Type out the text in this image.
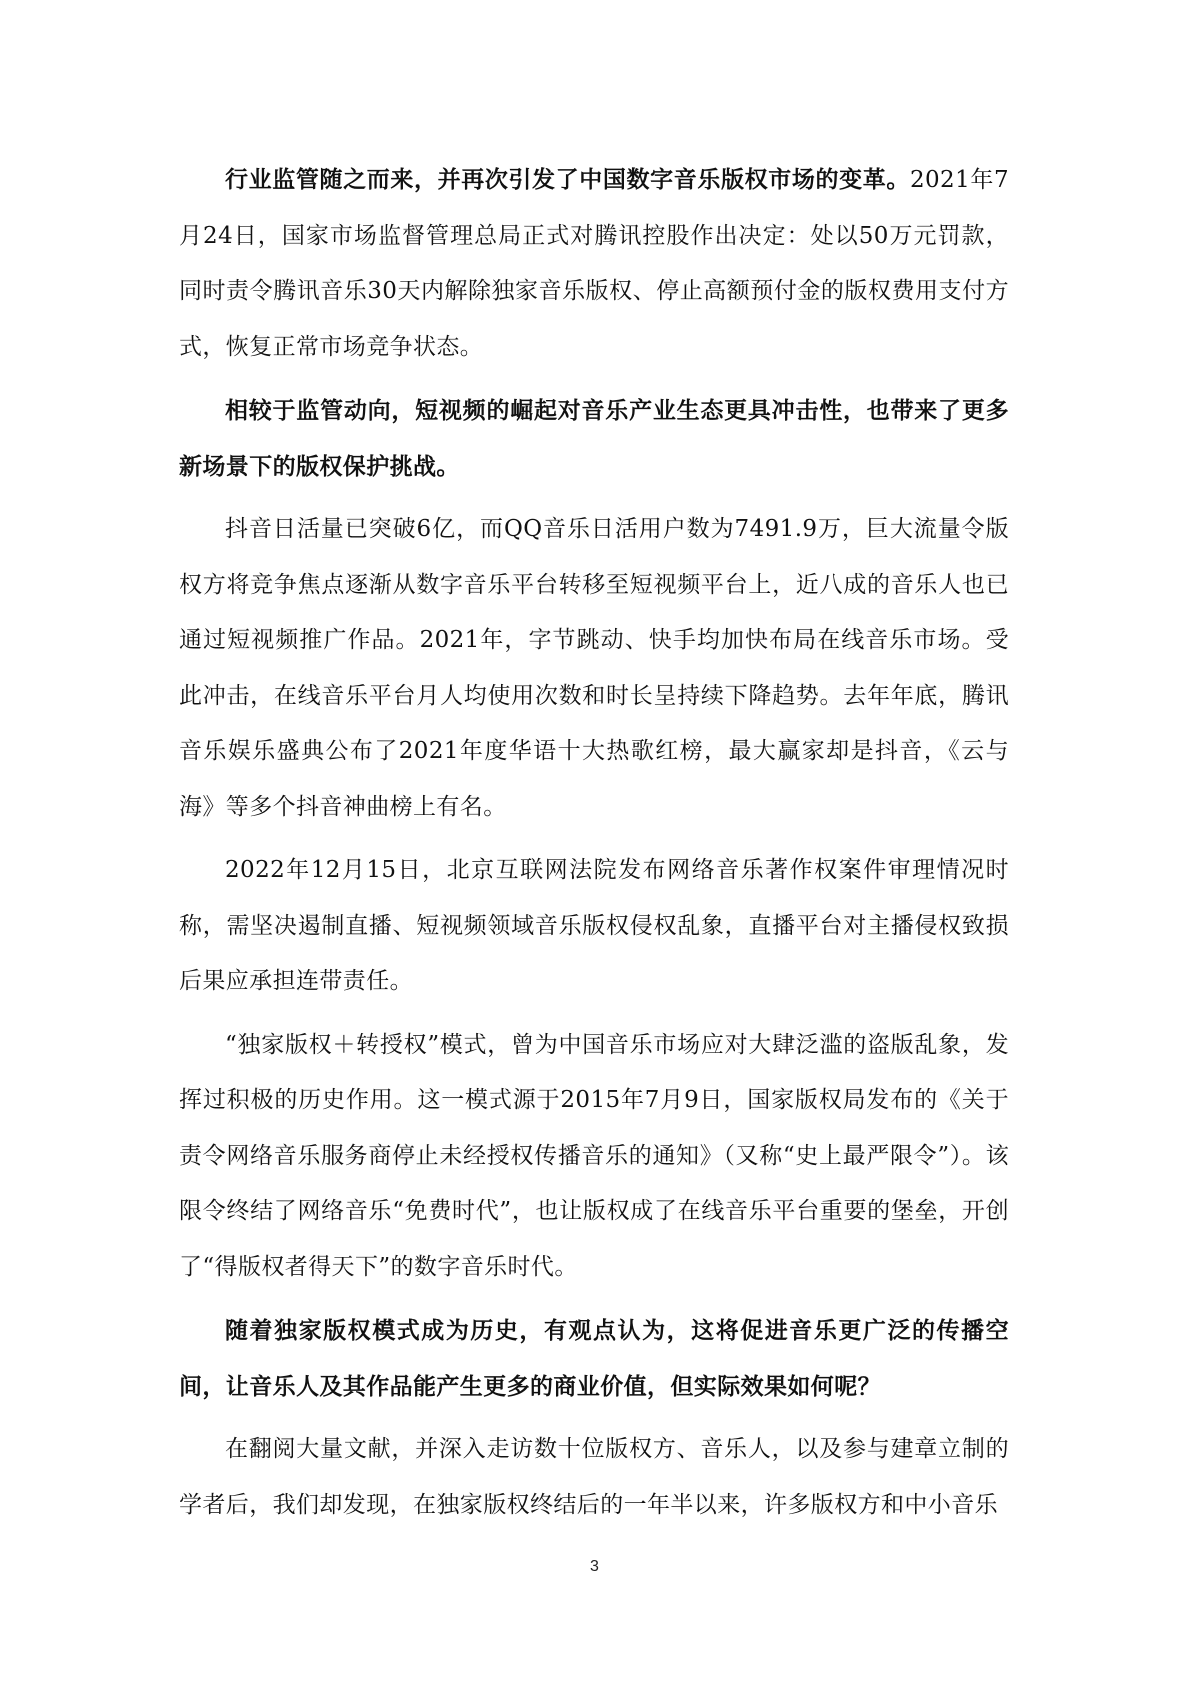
行业监管随之而来，并再次引发了中国数字音乐版权市场的变革。2021年7月24日，国家市场监督管理总局正式对腾讯控股作出决定：处以50万元罚款，同时责令腾讯音乐30天内解除独家音乐版权、停止高额预付金的版权费用支付方式，恢复正常市场竞争状态。

相较于监管动向，短视频的崛起对音乐产业生态更具冲击性，也带来了更多新场景下的版权保护挑战。

抖音日活量已突破6亿，而QQ音乐日活用户数为7491.9万，巨大流量令版权方将竞争焦点逐渐从数字音乐平台转移至短视频平台上，近八成的音乐人也已通过短视频推广作品。2021年，字节跳动、快手均加快布局在线音乐市场。受此冲击，在线音乐平台月人均使用次数和时长呈持续下降趋势。去年年底，腾讯音乐娱乐盛典公布了2021年度华语十大热歌红榜，最大赢家却是抖音，《云与海》等多个抖音神曲榜上有名。

2022年12月15日，北京互联网法院发布网络音乐著作权案件审理情况时称，需坚决遏制直播、短视频领域音乐版权侵权乱象，直播平台对主播侵权致损后果应承担连带责任。

“独家版权＋转授权”模式，曾为中国音乐市场应对大肆泛滥的盗版乱象，发挥过积极的历史作用。这一模式源于2015年7月9日，国家版权局发布的《关于责令网络音乐服务商停止未经授权传播音乐的通知》（又称“史上最严限令”）。该限令终结了网络音乐“免费时代”，也让版权成了在线音乐平台重要的堡垒，开创了“得版权者得天下”的数字音乐时代。

随着独家版权模式成为历史，有观点认为，这将促进音乐更广泛的传播空间，让音乐人及其作品能产生更多的商业价值，但实际效果如何呢？

在翻阅大量文献，并深入走访数十位版权方、音乐人，以及参与建章立制的学者后，我们却发现，在独家版权终结后的一年半以来，许多版权方和中小音乐

3
